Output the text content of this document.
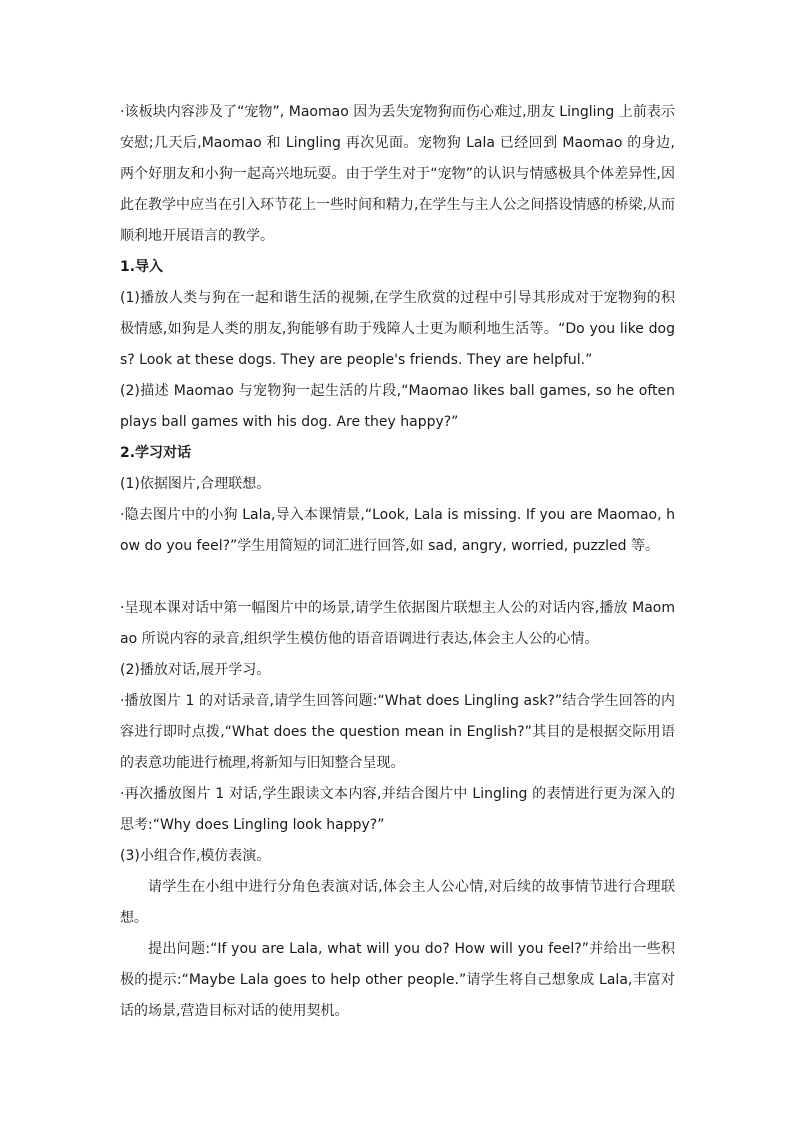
·该板块内容涉及了“宠物”, Maomao 因为丢失宠物狗而伤心难过,朋友 Lingling 上前表示安慰;几天后,Maomao 和 Lingling 再次见面。宠物狗 Lala 已经回到 Maomao 的身边,两个好朋友和小狗一起高兴地玩耍。由于学生对于“宠物”的认识与情感极具个体差异性,因此在教学中应当在引入环节花上一些时间和精力,在学生与主人公之间搭设情感的桥梁,从而顺利地开展语言的教学。

1.导入

(1)播放人类与狗在一起和谐生活的视频,在学生欣赏的过程中引导其形成对于宠物狗的积极情感,如狗是人类的朋友,狗能够有助于残障人士更为顺利地生活等。“Do you like dogs? Look at these dogs. They are people's friends. They are helpful.”

(2)描述 Maomao 与宠物狗一起生活的片段,“Maomao likes ball games, so he often plays ball games with his dog. Are they happy?”

2.学习对话

(1)依据图片,合理联想。

·隐去图片中的小狗 Lala,导入本课情景,“Look, Lala is missing. If you are Maomao, how do you feel?”学生用简短的词汇进行回答,如 sad, angry, worried, puzzled 等。

·呈现本课对话中第一幅图片中的场景,请学生依据图片联想主人公的对话内容,播放 Maomao 所说内容的录音,组织学生模仿他的语音语调进行表达,体会主人公的心情。

(2)播放对话,展开学习。

·播放图片 1 的对话录音,请学生回答问题:“What does Lingling ask?”结合学生回答的内容进行即时点拨,“What does the question mean in English?”其目的是根据交际用语的表意功能进行梳理,将新知与旧知整合呈现。

·再次播放图片 1 对话,学生跟读文本内容,并结合图片中 Lingling 的表情进行更为深入的思考:“Why does Lingling look happy?”

(3)小组合作,模仿表演。

请学生在小组中进行分角色表演对话,体会主人公心情,对后续的故事情节进行合理联想。

提出问题:“If you are Lala, what will you do? How will you feel?”并给出一些积极的提示:“Maybe Lala goes to help other people.”请学生将自己想象成 Lala,丰富对话的场景,营造目标对话的使用契机。
